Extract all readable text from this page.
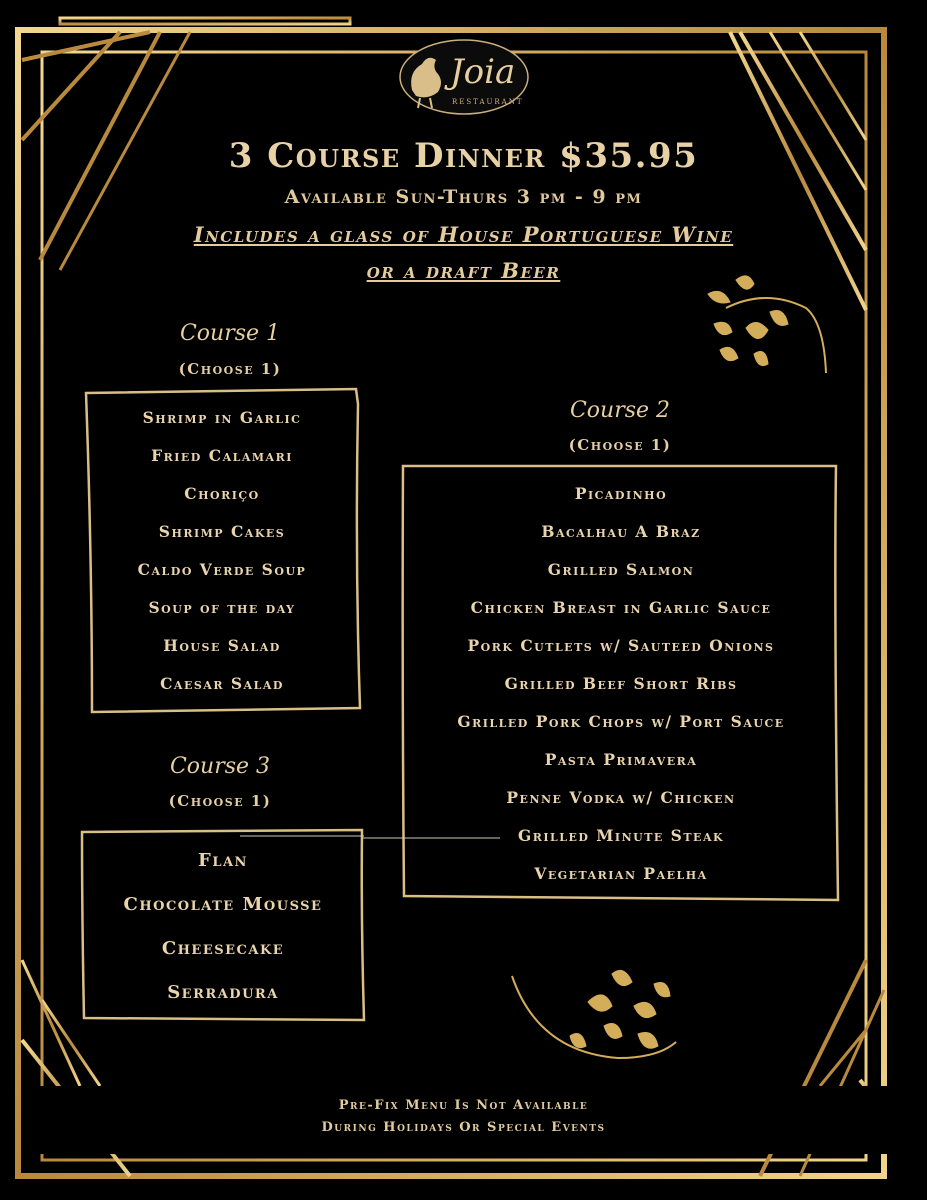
Joia
RESTAURANT
3 Course Dinner $35.95
Available Sun-Thurs 3 pm - 9 pm
Includes a glass of House Portuguese Wine
or a draft Beer
Course 1
(Choose 1)
Shrimp in Garlic
Fried Calamari
Choriço
Shrimp Cakes
Caldo Verde Soup
Soup of the day
House Salad
Caesar Salad
Course 2
(Choose 1)
Picadinho
Bacalhau A Braz
Grilled Salmon
Chicken Breast in Garlic Sauce
Pork Cutlets w/ Sauteed Onions
Grilled Beef Short Ribs
Grilled Pork Chops w/ Port Sauce
Pasta Primavera
Penne Vodka w/ Chicken
Grilled Minute Steak
Vegetarian Paelha
Course 3
(Choose 1)
Flan
Chocolate Mousse
Cheesecake
Serradura
Pre-Fix Menu Is Not Available
During Holidays Or Special Events
